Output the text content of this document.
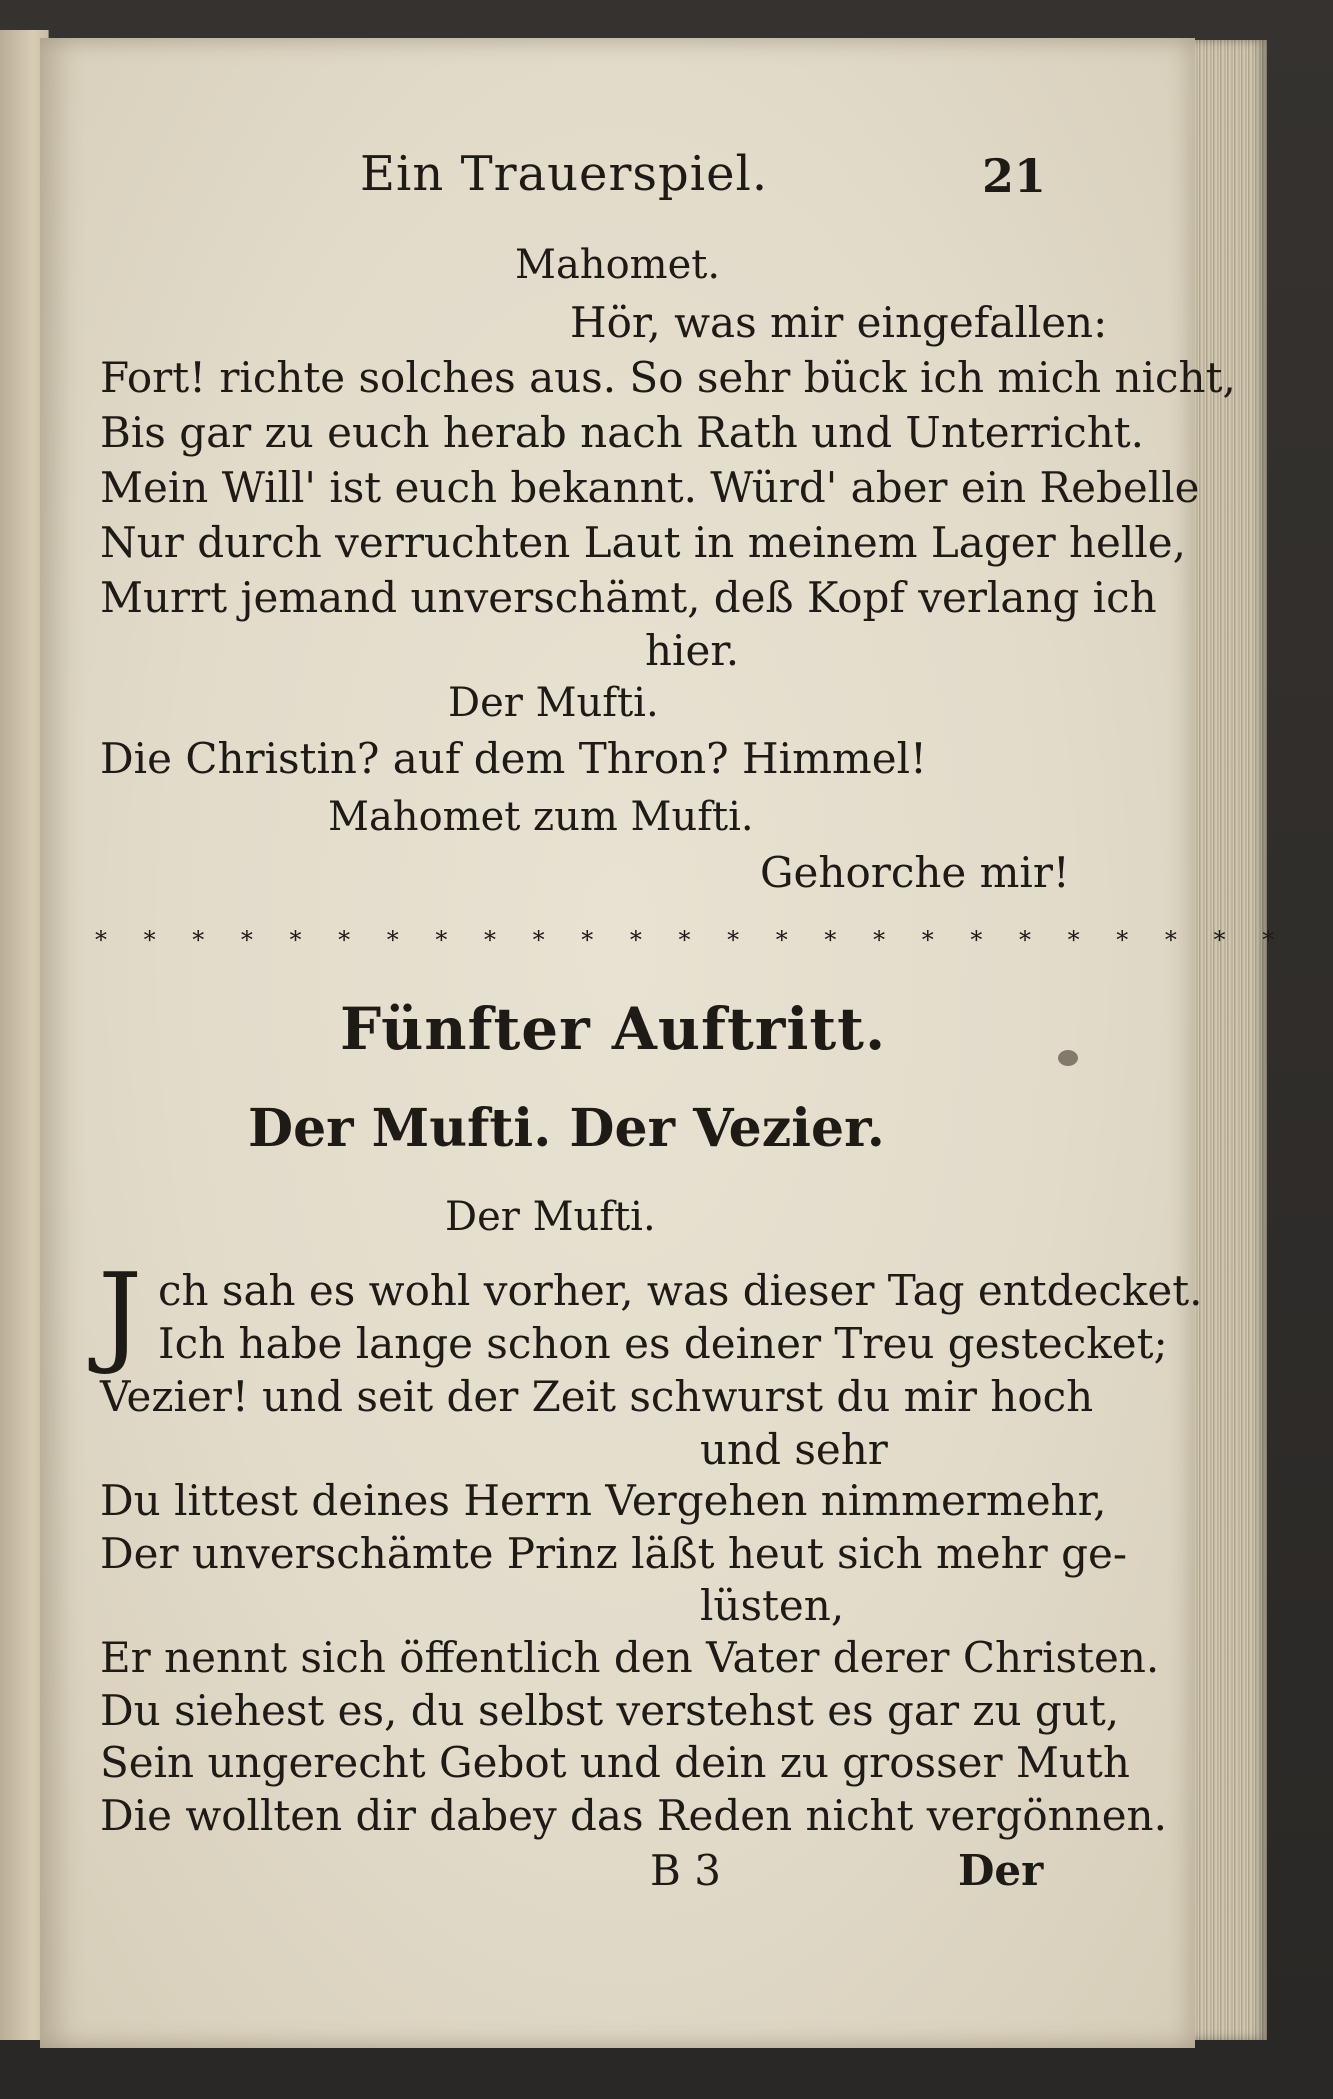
Ein Trauerspiel.	21
Mahomet.
Hör, was mir eingefallen:
Fort! richte solches aus. So sehr bück ich mich nicht,
Bis gar zu euch herab nach Rath und Unterricht.
Mein Will' ist euch bekannt. Würd' aber ein Rebelle
Nur durch verruchten Laut in meinem Lager helle,
Murrt jemand unverschämt, deß Kopf verlang ich
hier.
Der Mufti.
Die Christin? auf dem Thron? Himmel!
Mahomet zum Mufti.
Gehorche mir!
* * * * * * * * * * * * * * * * * * * * * * * * *
Fünfter Auftritt.
Der Mufti. Der Vezier.
Der Mufti.
J ch sah es wohl vorher, was dieser Tag entdecket.
Ich habe lange schon es deiner Treu gestecket;
Vezier! und seit der Zeit schwurst du mir hoch
und sehr
Du littest deines Herrn Vergehen nimmermehr,
Der unverschämte Prinz läßt heut sich mehr ge-
lüsten,
Er nennt sich öffentlich den Vater derer Christen.
Du siehest es, du selbst verstehst es gar zu gut,
Sein ungerecht Gebot und dein zu grosser Muth
Die wollten dir dabey das Reden nicht vergönnen.
B 3	Der
